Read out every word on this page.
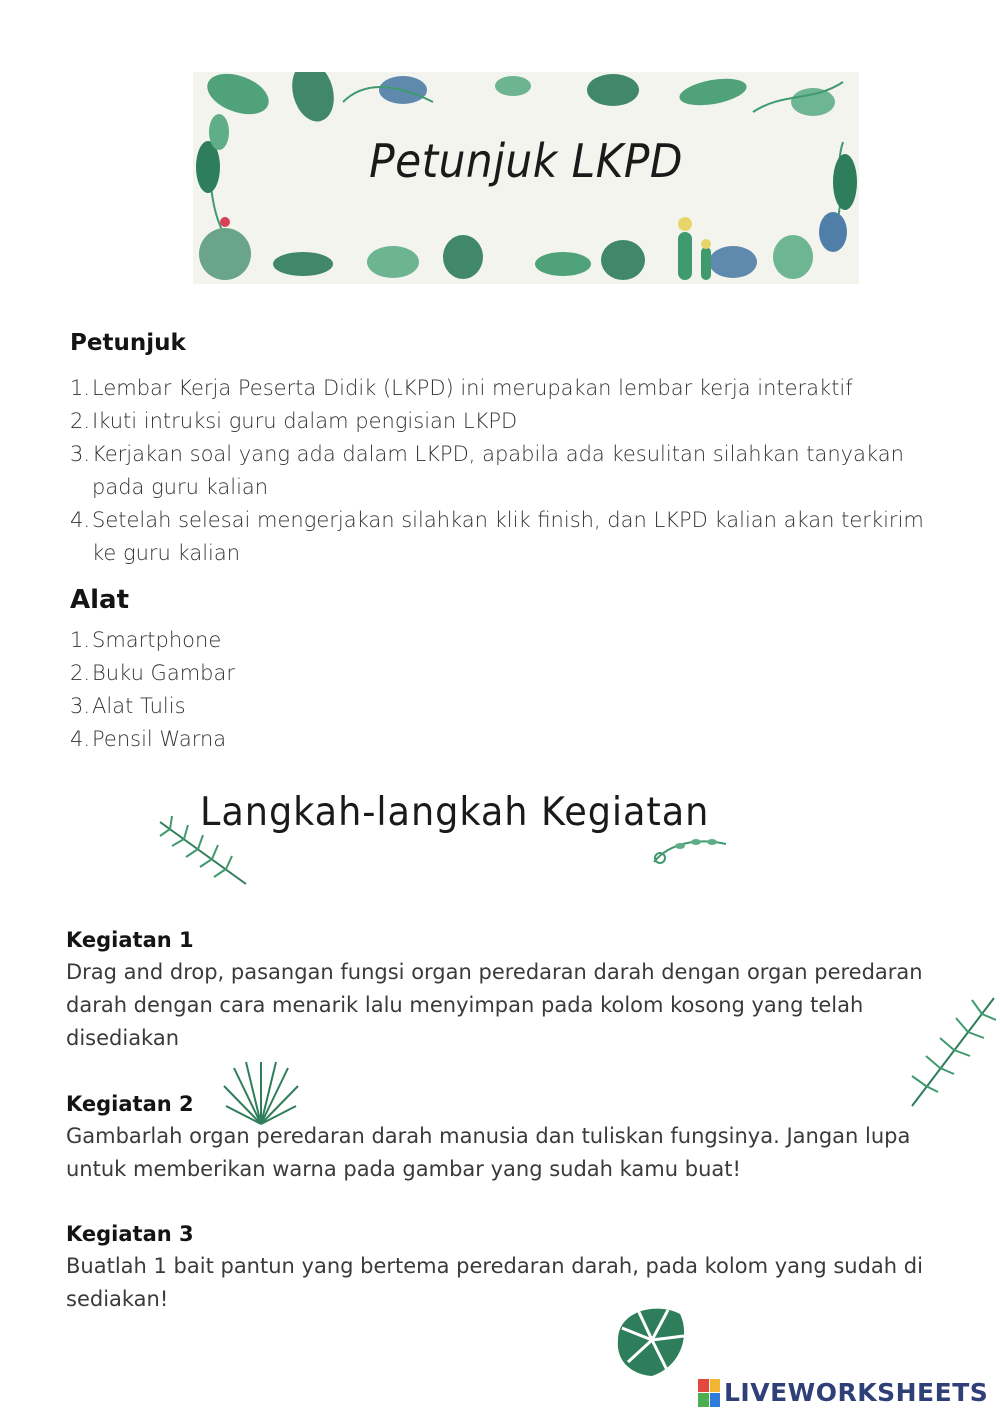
Petunjuk LKPD
Petunjuk
1. Lembar Kerja Peserta Didik (LKPD) ini merupakan lembar kerja interaktif
2. Ikuti intruksi guru dalam pengisian LKPD
3. Kerjakan soal yang ada dalam LKPD, apabila ada kesulitan silahkan tanyakan
pada guru kalian
4. Setelah selesai mengerjakan silahkan klik finish, dan LKPD kalian akan terkirim
ke guru kalian
Alat
1. Smartphone
2. Buku Gambar
3. Alat Tulis
4. Pensil Warna
Langkah-langkah Kegiatan
Kegiatan 1

Drag and drop, pasangan fungsi organ peredaran darah dengan organ peredaran
darah dengan cara menarik lalu menyimpan pada kolom kosong yang telah
disediakan

Kegiatan 2

Gambarlah organ peredaran darah manusia dan tuliskan fungsinya. Jangan lupa
untuk memberikan warna pada gambar yang sudah kamu buat!

Kegiatan 3

Buatlah 1 bait pantun yang bertema peredaran darah, pada kolom yang sudah di
sediakan!

LIVEWORKSHEETS
